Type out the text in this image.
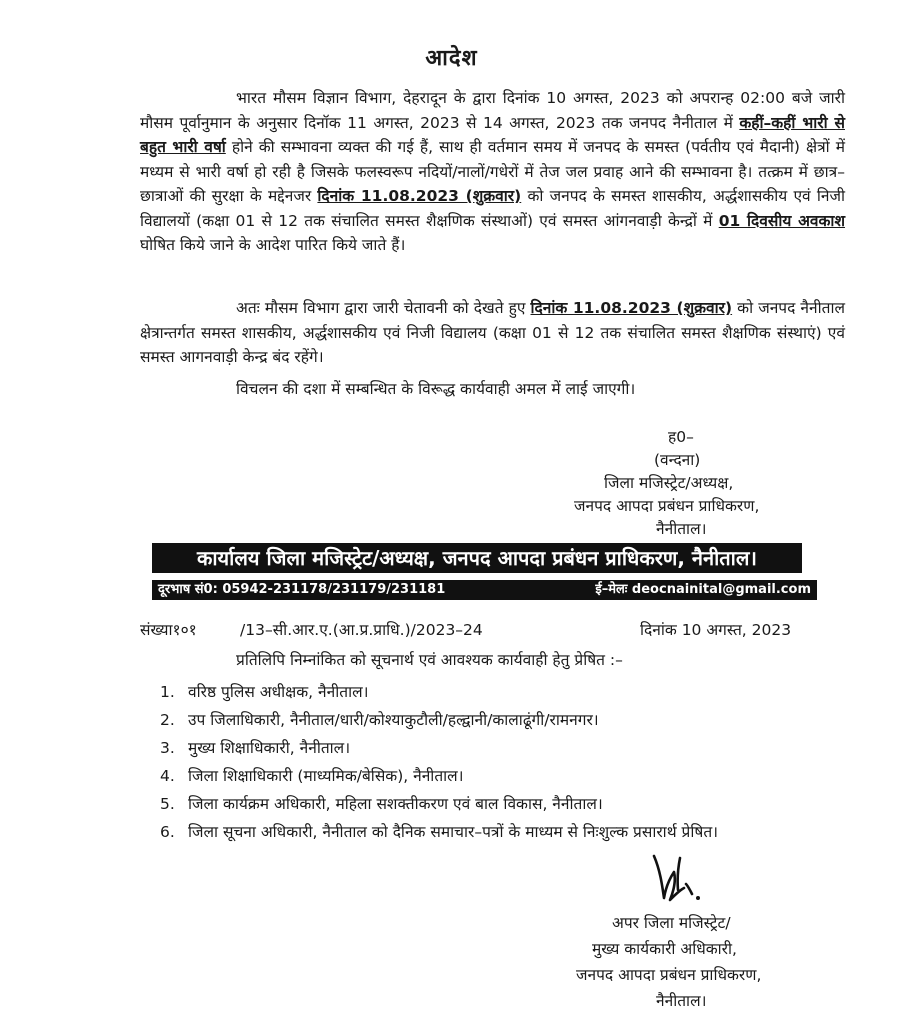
आदेश
भारत मौसम विज्ञान विभाग, देहरादून के द्वारा दिनांक 10 अगस्त, 2023 को अपरान्ह 02:00 बजे जारी मौसम पूर्वानुमान के अनुसार दिनॉक 11 अगस्त, 2023 से 14 अगस्त, 2023 तक जनपद नैनीताल में कहीं–कहीं भारी से बहुत भारी वर्षा होने की सम्भावना व्यक्त की गई हैं, साथ ही वर्तमान समय में जनपद के समस्त (पर्वतीय एवं मैदानी) क्षेत्रों में मध्यम से भारी वर्षा हो रही है जिसके फलस्वरूप नदियों/नालों/गधेरों में तेज जल प्रवाह आने की सम्भावना है। तत्क्रम में छात्र–छात्राओं की सुरक्षा के मद्देनजर दिनांक 11.08.2023 (शुक्रवार) को जनपद के समस्त शासकीय, अर्द्धशासकीय एवं निजी विद्यालयों (कक्षा 01 से 12 तक संचालित समस्त शैक्षणिक संस्थाओं) एवं समस्त आंगनवाड़ी केन्द्रों में 01 दिवसीय अवकाश घोषित किये जाने के आदेश पारित किये जाते हैं।
अतः मौसम विभाग द्वारा जारी चेतावनी को देखते हुए दिनांक 11.08.2023 (शुक्रवार) को जनपद नैनीताल क्षेत्रान्तर्गत समस्त शासकीय, अर्द्धशासकीय एवं निजी विद्यालय (कक्षा 01 से 12 तक संचालित समस्त शैक्षणिक संस्थाएं) एवं समस्त आगनवाड़ी केन्द्र बंद रहेंगे।
विचलन की दशा में सम्बन्धित के विरूद्ध कार्यवाही अमल में लाई जाएगी।
ह0–
(वन्दना)
जिला मजिस्ट्रेट/अध्यक्ष,
जनपद आपदा प्रबंधन प्राधिकरण,
नैनीताल।
कार्यालय जिला मजिस्ट्रेट/अध्यक्ष, जनपद आपदा प्रबंधन प्राधिकरण, नैनीताल।
दूरभाष सं0: 05942-231178/231179/231181	ई–मेलः deocnainital@gmail.com
संख्या१०१	/13–सी.आर.ए.(आ.प्र.प्राधि.)/2023–24	दिनांक 10 अगस्त, 2023
प्रतिलिपि निम्नांकित को सूचनार्थ एवं आवश्यक कार्यवाही हेतु प्रेषित :–
1. वरिष्ठ पुलिस अधीक्षक, नैनीताल।
2. उप जिलाधिकारी, नैनीताल/धारी/कोश्याकुटौली/हल्द्वानी/कालाढूंगी/रामनगर।
3. मुख्य शिक्षाधिकारी, नैनीताल।
4. जिला शिक्षाधिकारी (माध्यमिक/बेसिक), नैनीताल।
5. जिला कार्यक्रम अधिकारी, महिला सशक्तीकरण एवं बाल विकास, नैनीताल।
6. जिला सूचना अधिकारी, नैनीताल को दैनिक समाचार–पत्रों के माध्यम से निःशुल्क प्रसारार्थ प्रेषित।
अपर जिला मजिस्ट्रेट/
मुख्य कार्यकारी अधिकारी,
जनपद आपदा प्रबंधन प्राधिकरण,
नैनीताल।
